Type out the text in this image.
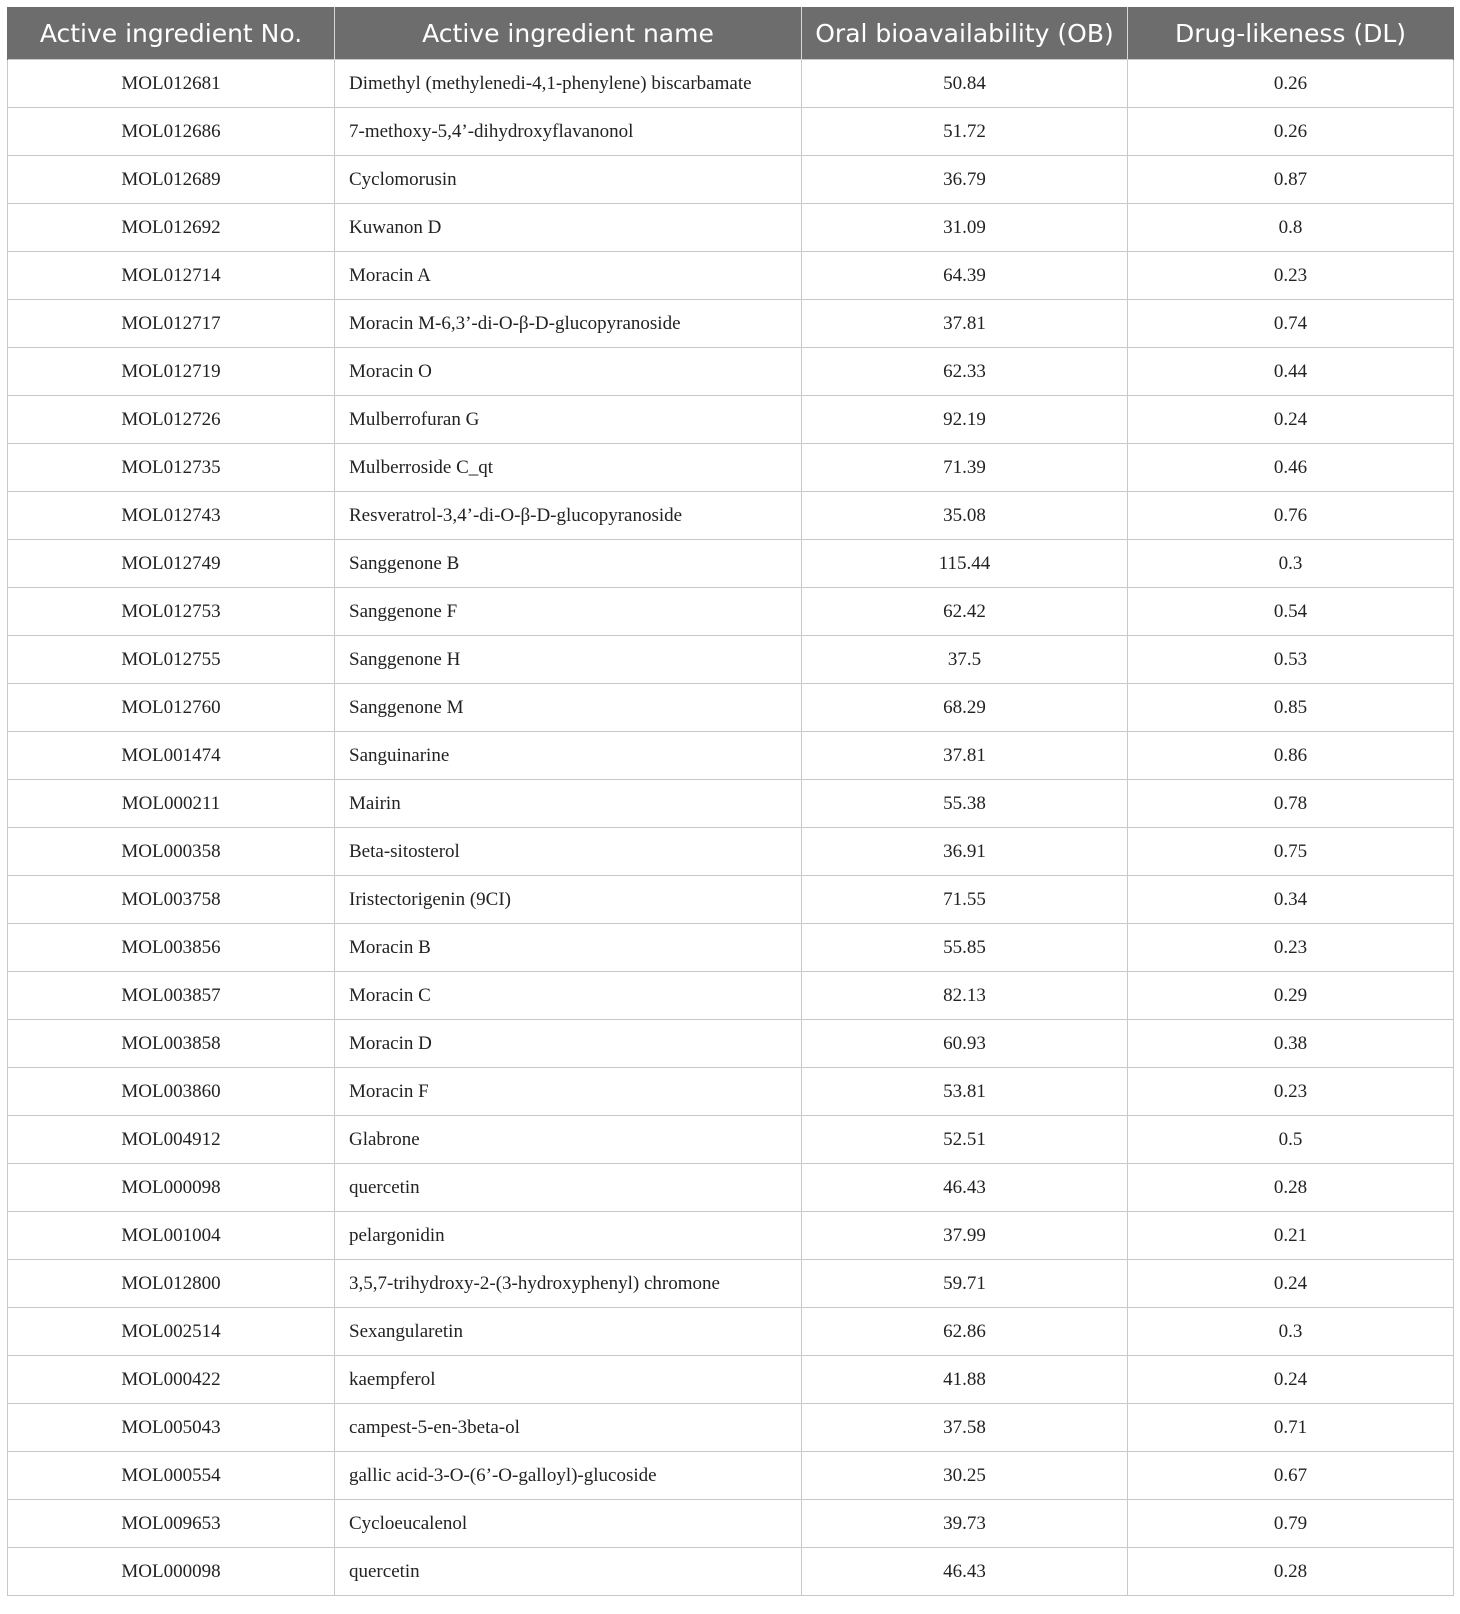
Active ingredient No.	Active ingredient name	Oral bioavailability (OB)	Drug-likeness (DL)
MOL012681	Dimethyl (methylenedi-4,1-phenylene) biscarbamate	50.84	0.26
MOL012686	7-methoxy-5,4’-dihydroxyflavanonol	51.72	0.26
MOL012689	Cyclomorusin	36.79	0.87
MOL012692	Kuwanon D	31.09	0.8
MOL012714	Moracin A	64.39	0.23
MOL012717	Moracin M-6,3’-di-O-β-D-glucopyranoside	37.81	0.74
MOL012719	Moracin O	62.33	0.44
MOL012726	Mulberrofuran G	92.19	0.24
MOL012735	Mulberroside C_qt	71.39	0.46
MOL012743	Resveratrol-3,4’-di-O-β-D-glucopyranoside	35.08	0.76
MOL012749	Sanggenone B	115.44	0.3
MOL012753	Sanggenone F	62.42	0.54
MOL012755	Sanggenone H	37.5	0.53
MOL012760	Sanggenone M	68.29	0.85
MOL001474	Sanguinarine	37.81	0.86
MOL000211	Mairin	55.38	0.78
MOL000358	Beta-sitosterol	36.91	0.75
MOL003758	Iristectorigenin (9CI)	71.55	0.34
MOL003856	Moracin B	55.85	0.23
MOL003857	Moracin C	82.13	0.29
MOL003858	Moracin D	60.93	0.38
MOL003860	Moracin F	53.81	0.23
MOL004912	Glabrone	52.51	0.5
MOL000098	quercetin	46.43	0.28
MOL001004	pelargonidin	37.99	0.21
MOL012800	3,5,7-trihydroxy-2-(3-hydroxyphenyl) chromone	59.71	0.24
MOL002514	Sexangularetin	62.86	0.3
MOL000422	kaempferol	41.88	0.24
MOL005043	campest-5-en-3beta-ol	37.58	0.71
MOL000554	gallic acid-3-O-(6’-O-galloyl)-glucoside	30.25	0.67
MOL009653	Cycloeucalenol	39.73	0.79
MOL000098	quercetin	46.43	0.28
